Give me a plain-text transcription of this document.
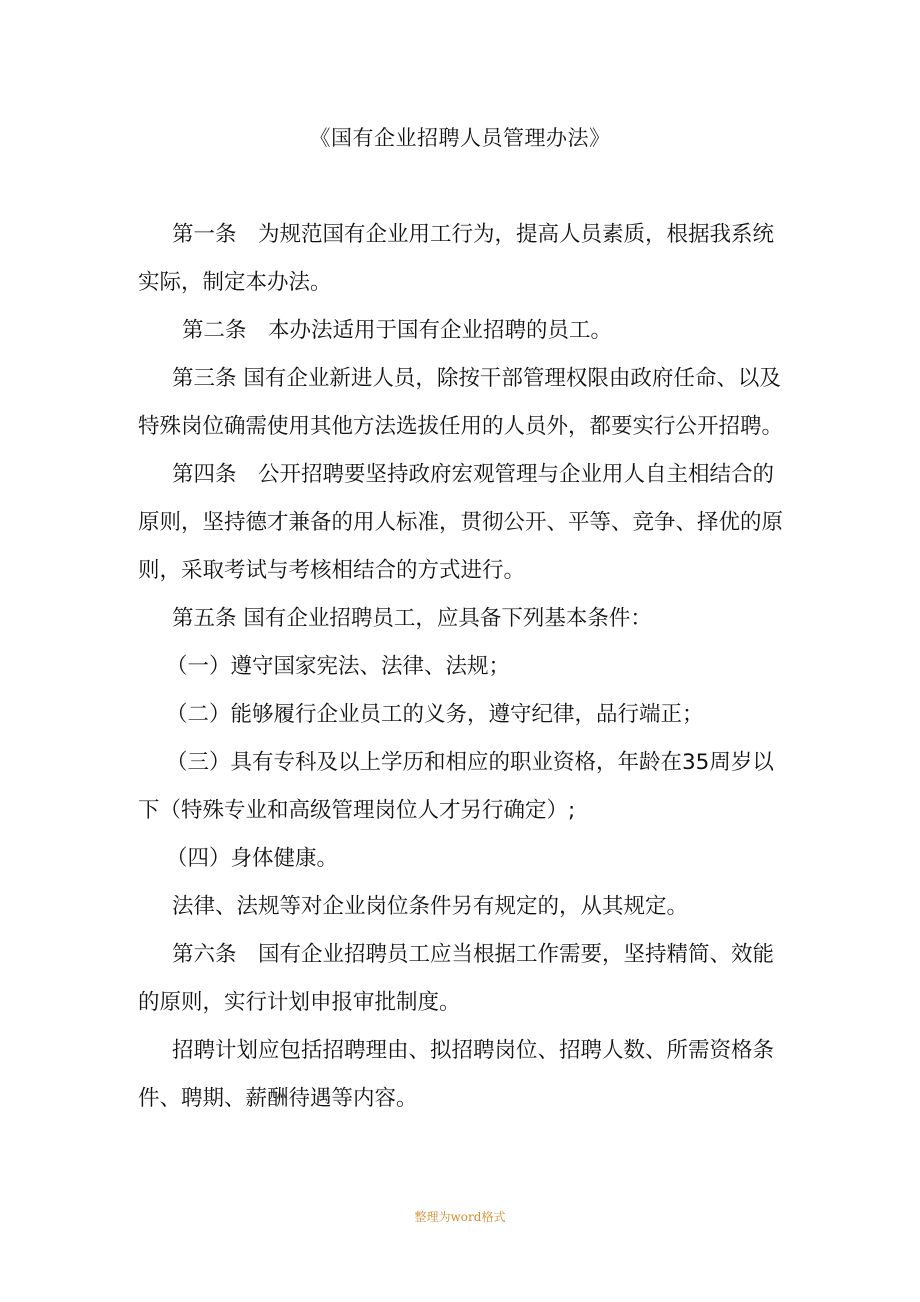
《国有企业招聘人员管理办法》
第一条　为规范国有企业用工行为，提高人员素质，根据我系统
实际，制定本办法。
第二条　本办法适用于国有企业招聘的员工。
第三条 国有企业新进人员，除按干部管理权限由政府任命、以及
特殊岗位确需使用其他方法选拔任用的人员外，都要实行公开招聘。
第四条　公开招聘要坚持政府宏观管理与企业用人自主相结合的
原则，坚持德才兼备的用人标准，贯彻公开、平等、竞争、择优的原
则，采取考试与考核相结合的方式进行。
第五条 国有企业招聘员工，应具备下列基本条件：
（一）遵守国家宪法、法律、法规；
（二）能够履行企业员工的义务，遵守纪律，品行端正；
（三）具有专科及以上学历和相应的职业资格，年龄在35周岁以
下（特殊专业和高级管理岗位人才另行确定）;
（四）身体健康。
法律、法规等对企业岗位条件另有规定的，从其规定。
第六条　国有企业招聘员工应当根据工作需要，坚持精简、效能
的原则，实行计划申报审批制度。
招聘计划应包括招聘理由、拟招聘岗位、招聘人数、所需资格条
件、聘期、薪酬待遇等内容。
整理为word格式
